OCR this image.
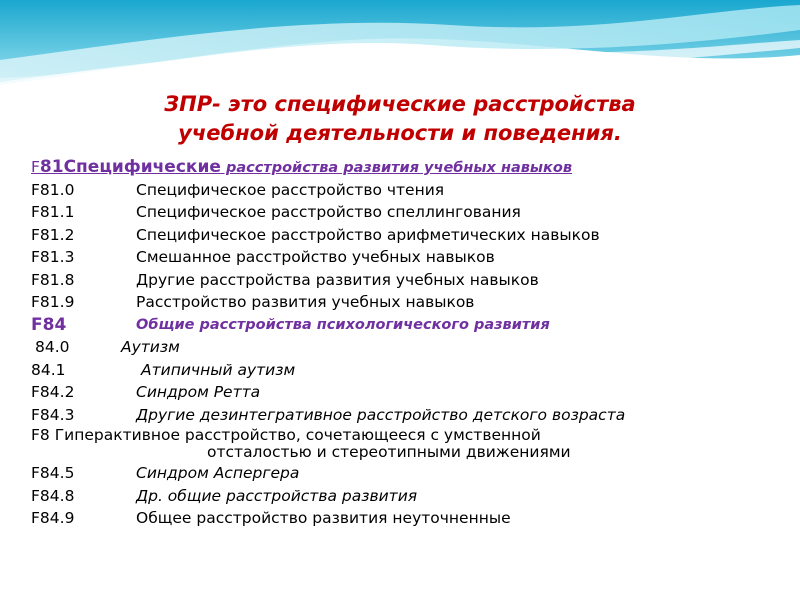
ЗПР- это специфические расстройства
учебной деятельности и поведения.
F81Специфические расстройства развития учебных навыков
F81.0	Специфическое расстройство чтения
F81.1	Специфическое расстройство спеллингования
F81.2	Специфическое расстройство арифметических навыков
F81.3	Смешанное расстройство учебных навыков
F81.8	Другие расстройства развития учебных навыков
F81.9	Расстройство развития учебных навыков
F84	Общие расстройства психологического развития
84.0	Аутизм
84.1	Атипичный аутизм
F84.2	Синдром Ретта
F84.3	Другие дезинтегративное расстройство детского возраста
F8 Гиперактивное расстройство, сочетающееся с умственной
отсталостью и стереотипными движениями
F84.5	Синдром Аспергера
F84.8	Др. общие расстройства развития
F84.9	Общее расстройство развития неуточненные
